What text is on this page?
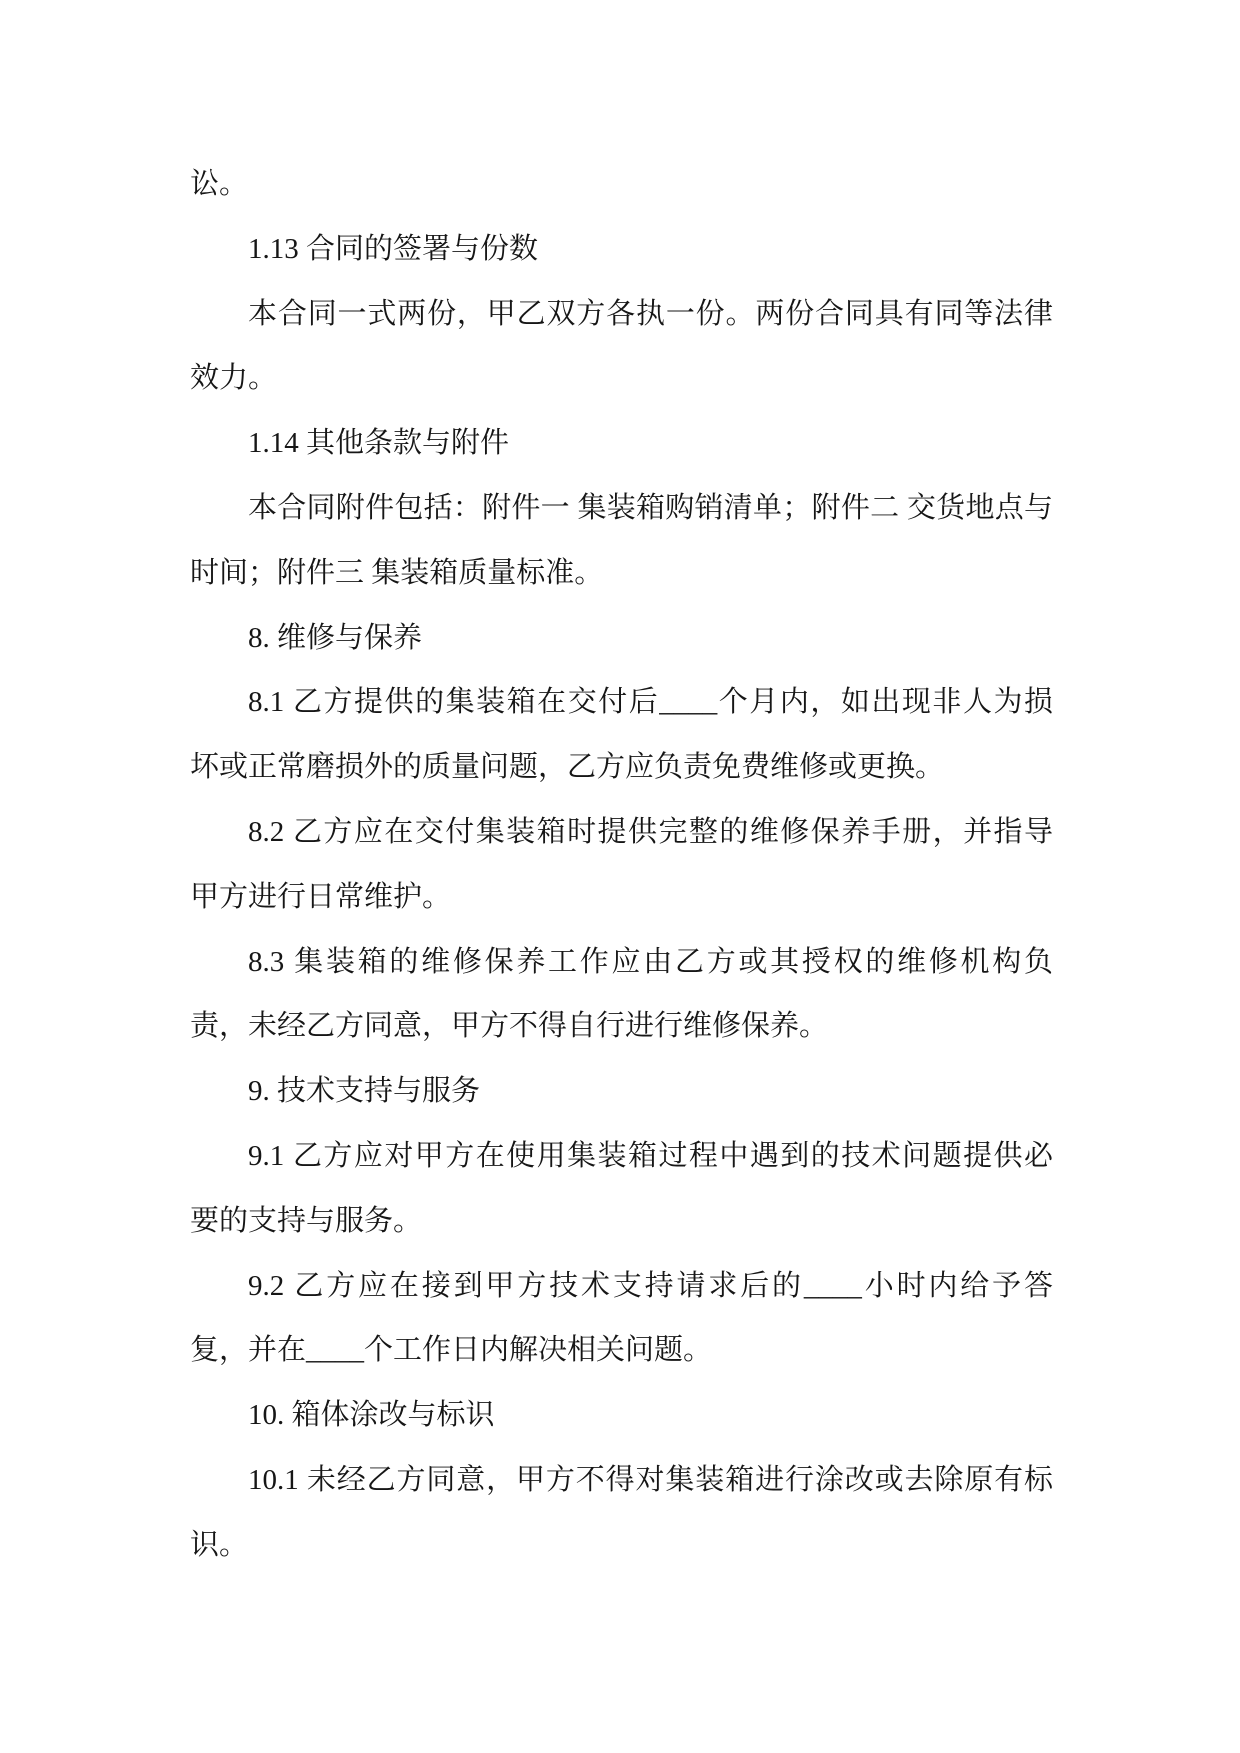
讼。
1.13 合同的签署与份数
本合同一式两份，甲乙双方各执一份。两份合同具有同等法律
效力。
1.14 其他条款与附件
本合同附件包括：附件一 集装箱购销清单；附件二 交货地点与
时间；附件三 集装箱质量标准。
8. 维修与保养
8.1 乙方提供的集装箱在交付后____个月内，如出现非人为损
坏或正常磨损外的质量问题，乙方应负责免费维修或更换。
8.2 乙方应在交付集装箱时提供完整的维修保养手册，并指导
甲方进行日常维护。
8.3 集装箱的维修保养工作应由乙方或其授权的维修机构负
责，未经乙方同意，甲方不得自行进行维修保养。
9. 技术支持与服务
9.1 乙方应对甲方在使用集装箱过程中遇到的技术问题提供必
要的支持与服务。
9.2 乙方应在接到甲方技术支持请求后的____小时内给予答
复，并在____个工作日内解决相关问题。
10. 箱体涂改与标识
10.1 未经乙方同意，甲方不得对集装箱进行涂改或去除原有标
识。
